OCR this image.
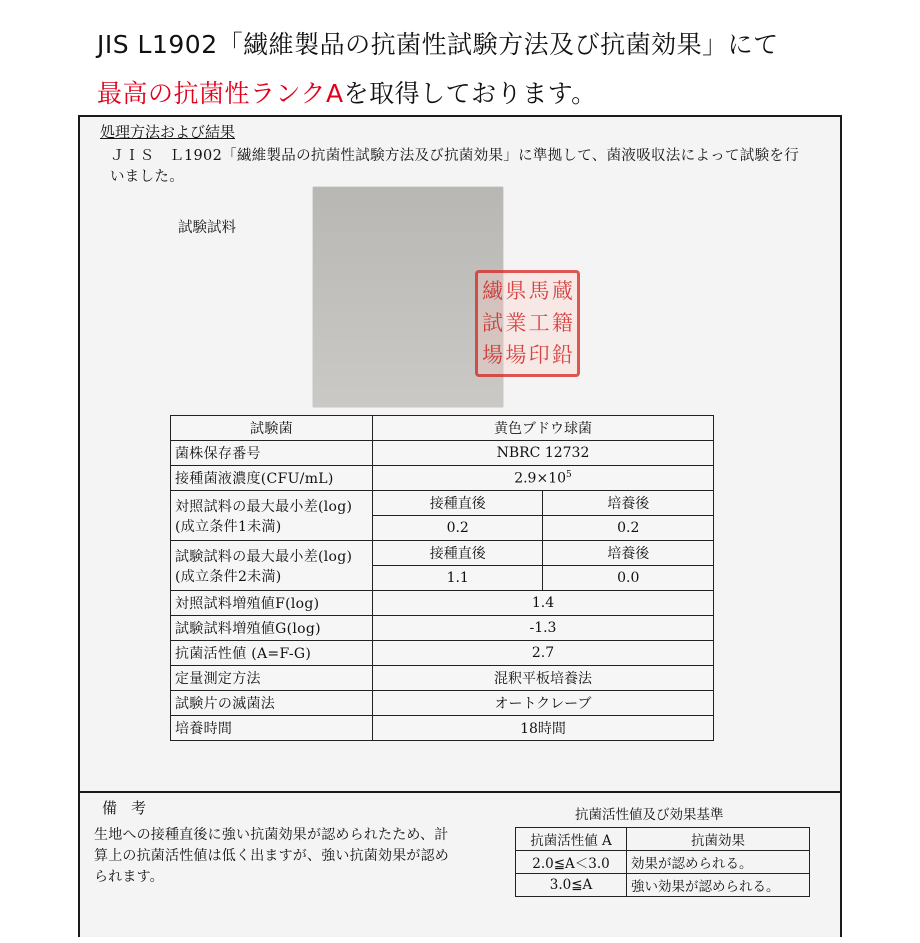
JIS L1902「繊維製品の抗菌性試験方法及び抗菌効果」にて
最高の抗菌性ランクAを取得しております。
処理方法および結果
ＪＩＳ　Ｌ1902「繊維製品の抗菌性試験方法及び抗菌効果」に準拠して、菌液吸収法によって試験を行いました。
試験試料
繊 県 馬 蔵
試 業 工 籍
場 場 印 鉛
試験菌	黄色ブドウ球菌	
菌株保存番号	NBRC 12732	
接種菌液濃度(CFU/mL)	$2.9\times 10^5$

対照試料の最大最小差(log)
(成立条件1未満)	接種直後	培養後
	0.2	0.2

試験試料の最大最小差(log)
(成立条件2未満)	接種直後	培養後
	1.1	0.0
対照試料増殖値F(log)	1.4	
試験試料増殖値G(log)	-1.3	
抗菌活性値 (A=F-G)	2.7	
定量測定方法	混釈平板培養法	
試験片の滅菌法	オートクレーブ	
培養時間	18時間	
備考
生地への接種直後に強い抗菌効果が認められたため、計算上の抗菌活性値は低く出ますが、強い抗菌効果が認められます。
抗菌活性値及び効果基準
抗菌活性値 A	抗菌効果
2.0≦A＜3.0	効果が認められる。
3.0≦A	強い効果が認められる。
